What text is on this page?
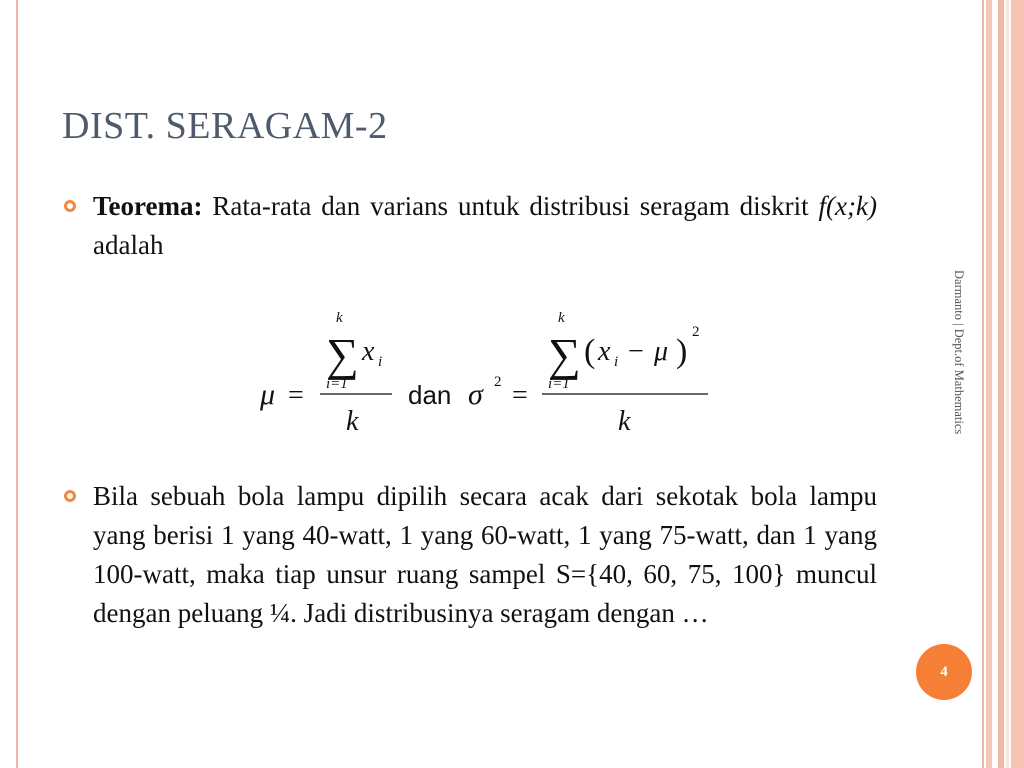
DIST. SERAGAM-2
Teorema: Rata-rata dan varians untuk distribusi seragam diskrit f(x;k) adalah
μ =
k
∑ x i
i=1
k
dan σ 2 =
k
∑ ( x i − μ )
2
i=1
k
Bila sebuah bola lampu dipilih secara acak dari sekotak bola lampu yang berisi 1 yang 40-watt, 1 yang 60-watt, 1 yang 75-watt, dan 1 yang 100-watt, maka tiap unsur ruang sampel S={40, 60, 75, 100} muncul dengan peluang ¼. Jadi distribusinya seragam dengan …
Darmanto | Dept.of Mathematics
4
